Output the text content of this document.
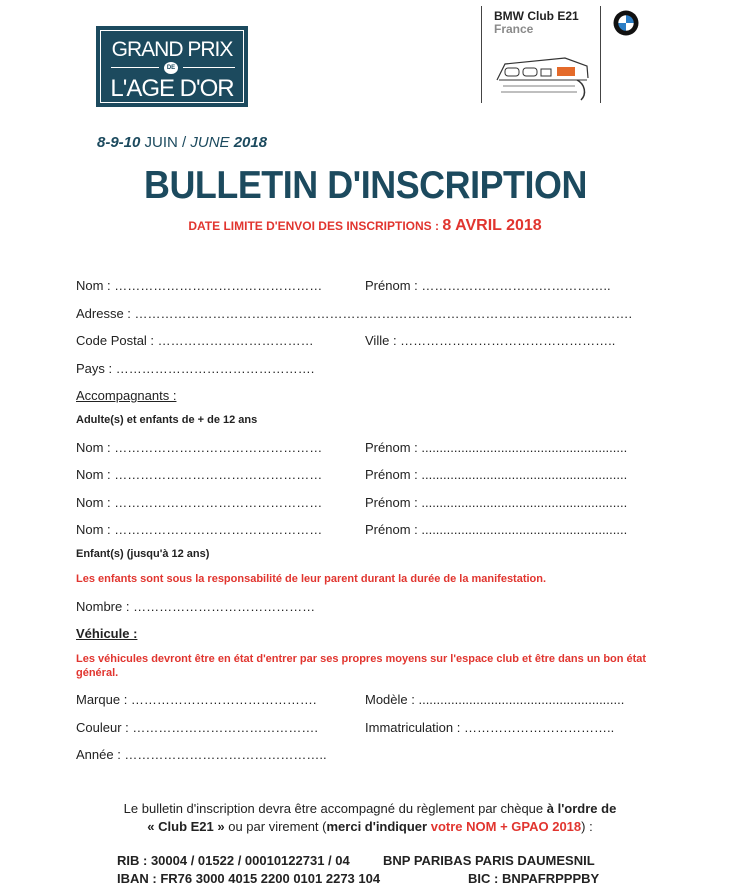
GRAND PRIX
DE
L'AGE D'OR
BMW Club E21
France
8-9-10 JUIN / JUNE 2018
BULLETIN D'INSCRIPTION
DATE LIMITE D'ENVOI DES INSCRIPTIONS : 8 AVRIL 2018
Nom : …………………………………………	Prénom : ……………………………………..
Adresse : …………………………………………………………………………………………………….
Code Postal : ………………………………	Ville : …………………………………………..
Pays : ……………………………………….
Accompagnants :
Adulte(s) et enfants de + de 12 ans
Nom : …………………………………………	Prénom : .........................................................
Nom : …………………………………………	Prénom : .........................................................
Nom : …………………………………………	Prénom : .........................................................
Nom : …………………………………………	Prénom : .........................................................
Enfant(s) (jusqu'à 12 ans)
Les enfants sont sous la responsabilité de leur parent durant la durée de la manifestation.
Nombre : ……………………………………
Véhicule :
Les véhicules devront être en état d'entrer par ses propres moyens sur l'espace club et être dans un bon état général.
Marque : …………………………………….	Modèle : .........................................................
Couleur : …………………………………….	Immatriculation : ……………………………..
Année : ………………………………………..
Le bulletin d'inscription devra être accompagné du règlement par chèque à l'ordre de
« Club E21 » ou par virement (merci d'indiquer votre NOM + GPAO 2018) :
RIB : 30004 / 01522 / 00010122731 / 04	BNP PARIBAS PARIS DAUMESNIL
IBAN : FR76 3000 4015 2200 0101 2273 104	BIC : BNPAFRPPPBY
